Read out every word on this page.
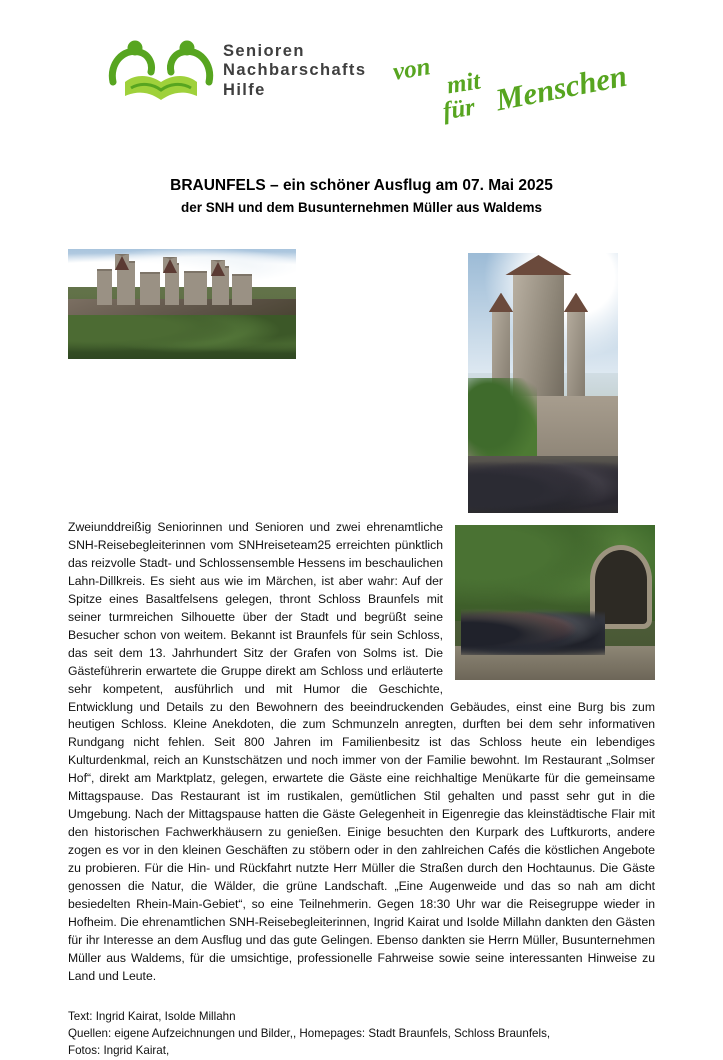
Senioren
Nachbarschafts
Hilfe
von mit
für Menschen
BRAUNFELS – ein schöner Ausflug am 07. Mai 2025
der SNH und dem Busunternehmen Müller aus Waldems

Zweiunddreißig Seniorinnen und Senioren und zwei ehrenamtliche SNH-Reisebegleiterinnen vom SNHreiseteam25 erreichten pünktlich das reizvolle Stadt- und Schlossensemble Hessens im beschaulichen Lahn-Dillkreis. Es sieht aus wie im Märchen, ist aber wahr: Auf der Spitze eines Basaltfelsens gelegen, thront Schloss Braunfels mit seiner turmreichen Silhouette über der Stadt und begrüßt seine Besucher schon von weitem. Bekannt ist Braunfels für sein Schloss, das seit dem 13. Jahrhundert Sitz der Grafen von Solms ist. Die Gästeführerin erwartete die Gruppe direkt am Schloss und erläuterte sehr kompetent, ausführlich und mit Humor die Geschichte, Entwicklung und Details zu den Bewohnern des beeindruckenden Gebäudes, einst eine Burg bis zum heutigen Schloss. Kleine Anekdoten, die zum Schmunzeln anregten, durften bei dem sehr informativen Rundgang nicht fehlen. Seit 800 Jahren im Familienbesitz ist das Schloss heute ein lebendiges Kulturdenkmal, reich an Kunstschätzen und noch immer von der Familie bewohnt. Im Restaurant „Solmser Hof“, direkt am Marktplatz, gelegen, erwartete die Gäste eine reichhaltige Menükarte für die gemeinsame Mittagspause. Das Restaurant ist im rustikalen, gemütlichen Stil gehalten und passt sehr gut in die Umgebung. Nach der Mittagspause hatten die Gäste Gelegenheit in Eigenregie das kleinstädtische Flair mit den historischen Fachwerkhäusern zu genießen. Einige besuchten den Kurpark des Luftkurorts, andere zogen es vor in den kleinen Geschäften zu stöbern oder in den zahlreichen Cafés die köstlichen Angebote zu probieren. Für die Hin- und Rückfahrt nutzte Herr Müller die Straßen durch den Hochtaunus. Die Gäste genossen die Natur, die Wälder, die grüne Landschaft. „Eine Augenweide und das so nah am dicht besiedelten Rhein-Main-Gebiet“, so eine Teilnehmerin. Gegen 18:30 Uhr war die Reisegruppe wieder in Hofheim. Die ehrenamtlichen SNH-Reisebegleiterinnen, Ingrid Kairat und Isolde Millahn dankten den Gästen für ihr Interesse an dem Ausflug und das gute Gelingen. Ebenso dankten sie Herrn Müller, Busunternehmen Müller aus Waldems, für die umsichtige, professionelle Fahrweise sowie seine interessanten Hinweise zu Land und Leute.

Text: Ingrid Kairat, Isolde Millahn
Quellen: eigene Aufzeichnungen und Bilder,, Homepages: Stadt Braunfels, Schloss Braunfels,
Fotos: Ingrid Kairat,
